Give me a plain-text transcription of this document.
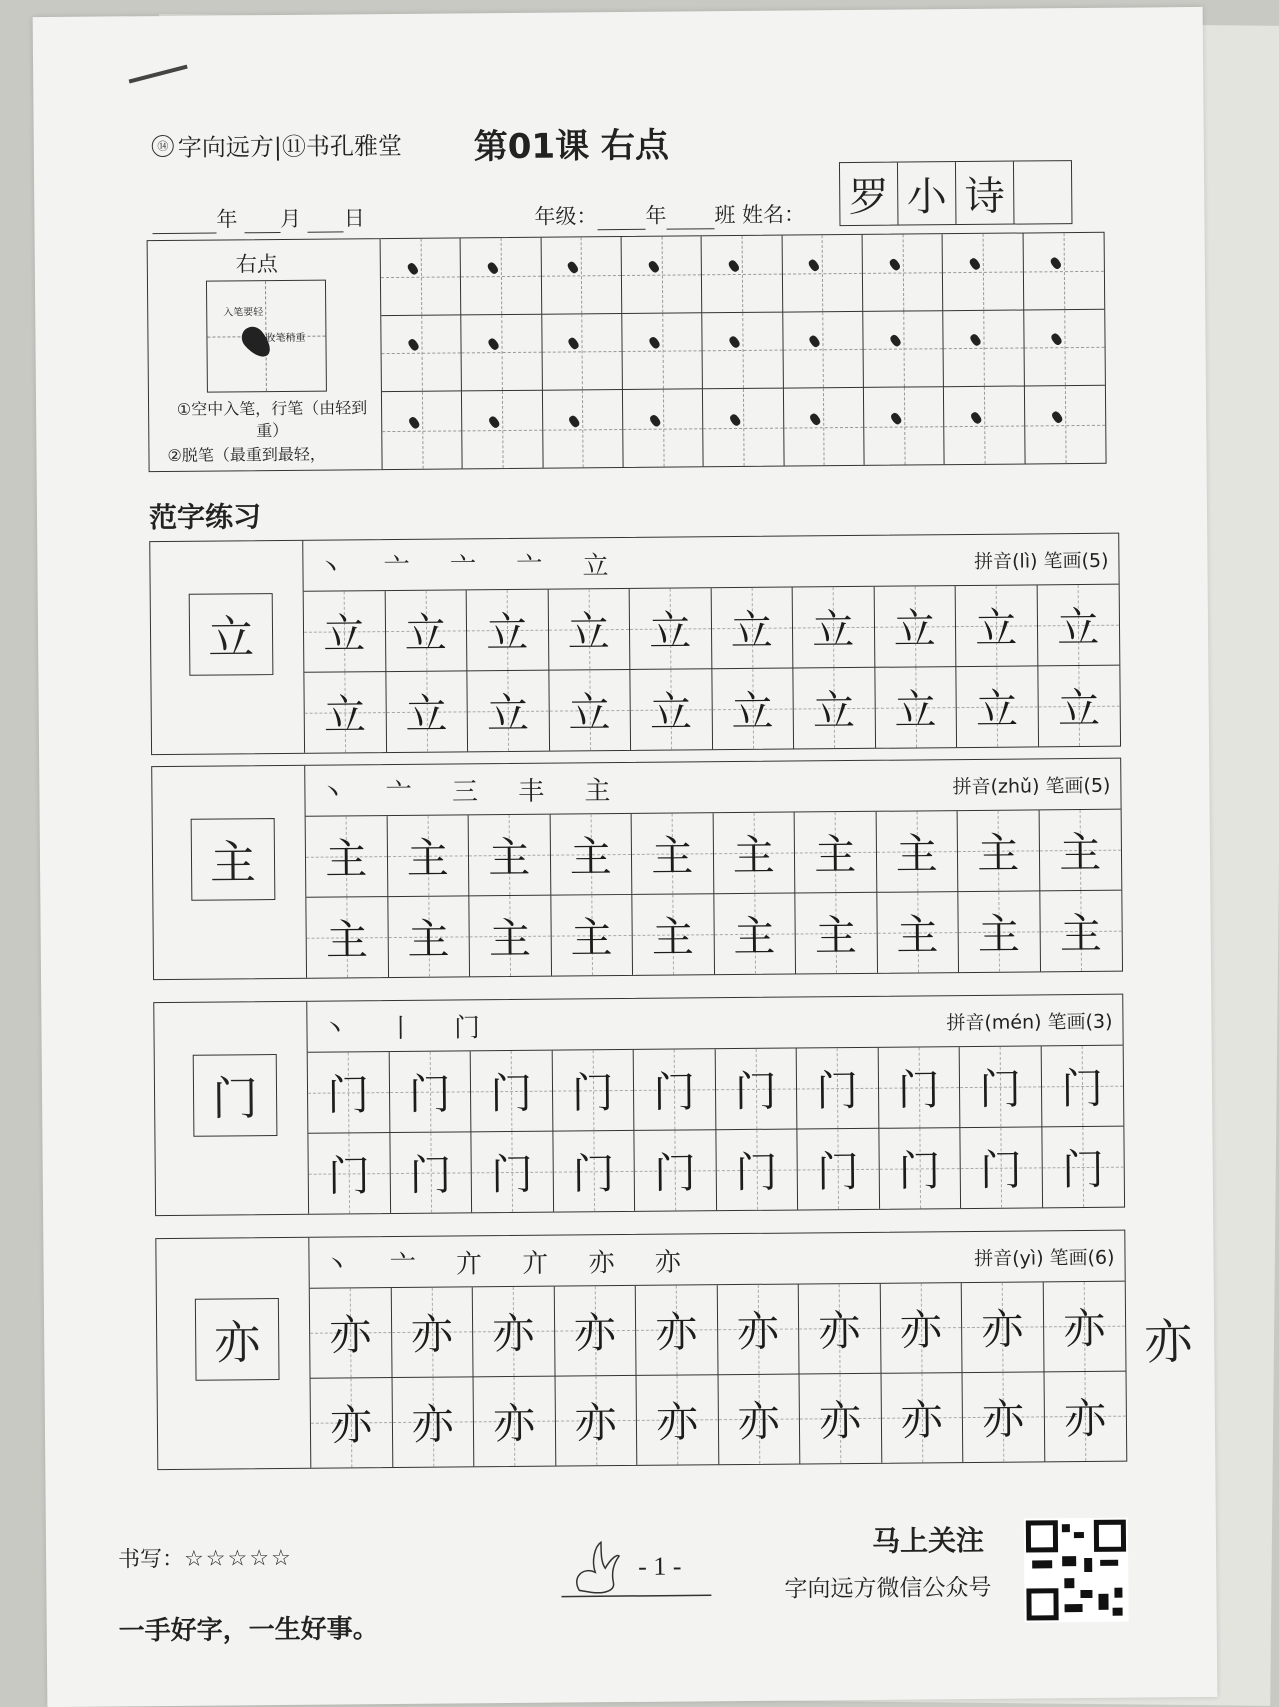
⑭ 字向远方|⑪书孔雅堂 第01课 右点
年 月 日	年级： 年 班 姓名： 罗 小 诗
右点
入笔要轻
收笔稍重
①空中入笔，行笔（由轻到重）
②脱笔（最重到最轻，
范字练习
立
丶 亠 亠 亠 立	拼音(lì) 笔画(5)
立 立 立 立 立 立 立 立 立 立
立 立 立 立 立 立 立 立 立 立
主
丶 亠 三 丰 主	拼音(zhǔ) 笔画(5)
主 主 主 主 主 主 主 主 主 主
主 主 主 主 主 主 主 主 主 主
门
丶 丨 门	拼音(mén) 笔画(3)
门 门 门 门 门 门 门 门 门 门
门 门 门 门 门 门 门 门 门 门
亦
丶 亠 亣 亣 亦 亦	拼音(yì) 笔画(6)
亦 亦 亦 亦 亦 亦 亦 亦 亦 亦
亦 亦 亦 亦 亦 亦 亦 亦 亦 亦
亦
书写：☆☆☆☆☆
一手好字，一生好事。
- 1 -
马上关注
字向远方微信公众号
